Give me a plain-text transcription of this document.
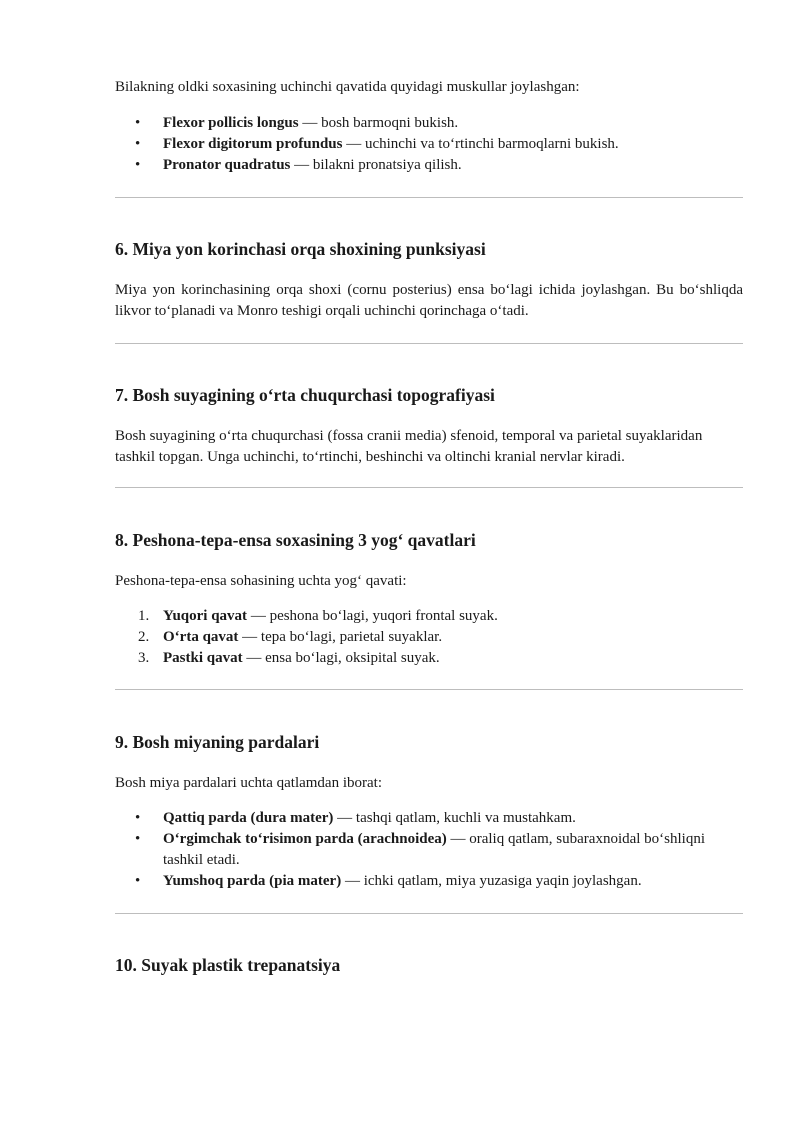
Bilakning oldki soxasining uchinchi qavatida quyidagi muskullar joylashgan:

• Flexor pollicis longus — bosh barmoqni bukish.
• Flexor digitorum profundus — uchinchi va to‘rtinchi barmoqlarni bukish.
• Pronator quadratus — bilakni pronatsiya qilish.
6. Miya yon korinchasi orqa shoxining punksiyasi

Miya yon korinchasining orqa shoxi (cornu posterius) ensa bo‘lagi ichida joylashgan. Bu bo‘shliqda likvor to‘planadi va Monro teshigi orqali uchinchi qorinchaga o‘tadi.

7. Bosh suyagining o‘rta chuqurchasi topografiyasi

Bosh suyagining o‘rta chuqurchasi (fossa cranii media) sfenoid, temporal va parietal suyaklaridan tashkil topgan. Unga uchinchi, to‘rtinchi, beshinchi va oltinchi kranial nervlar kiradi.

8. Peshona-tepa-ensa soxasining 3 yog‘ qavatlari

Peshona-tepa-ensa sohasining uchta yog‘ qavati:

1. Yuqori qavat — peshona bo‘lagi, yuqori frontal suyak.
2. O‘rta qavat — tepa bo‘lagi, parietal suyaklar.
3. Pastki qavat — ensa bo‘lagi, oksipital suyak.
9. Bosh miyaning pardalari

Bosh miya pardalari uchta qatlamdan iborat:

• Qattiq parda (dura mater) — tashqi qatlam, kuchli va mustahkam.
• O‘rgimchak to‘risimon parda (arachnoidea) — oraliq qatlam, subaraxnoidal bo‘shliqni tashkil etadi.
• Yumshoq parda (pia mater) — ichki qatlam, miya yuzasiga yaqin joylashgan.
10. Suyak plastik trepanatsiya
